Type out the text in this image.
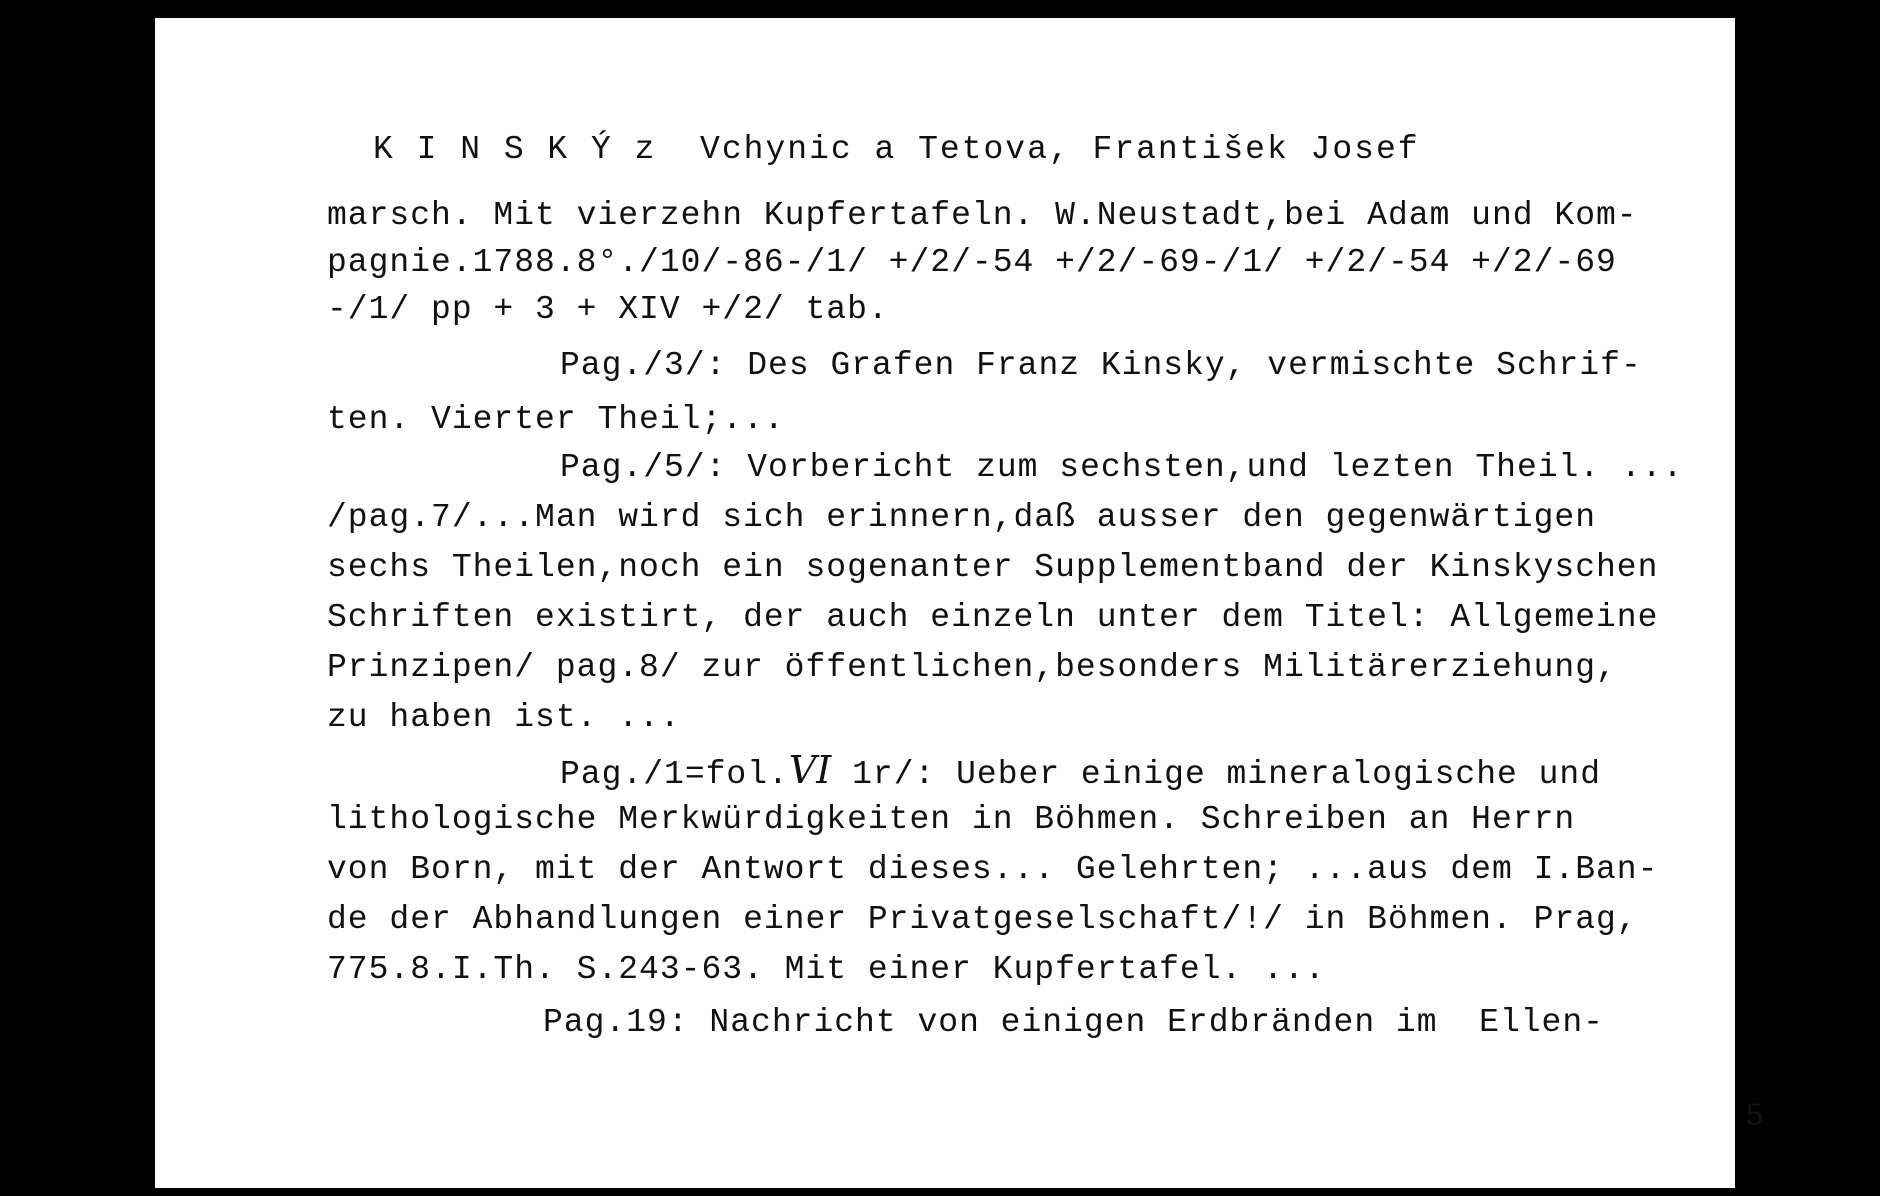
K I N S K Ý z  Vchynic a Tetova, František Josef
marsch. Mit vierzehn Kupfertafeln. W.Neustadt,bei Adam und Kom-
pagnie.1788.8°./10/-86-/1/ +/2/-54 +/2/-69-/1/ +/2/-54 +/2/-69
-/1/ pp + 3 + XIV +/2/ tab.
Pag./3/: Des Grafen Franz Kinsky, vermischte Schrif-
ten. Vierter Theil;...
Pag./5/: Vorbericht zum sechsten,und lezten Theil. ...
/pag.7/...Man wird sich erinnern,daß ausser den gegenwärtigen
sechs Theilen,noch ein sogenanter Supplementband der Kinskyschen
Schriften existirt, der auch einzeln unter dem Titel: Allgemeine
Prinzipen/ pag.8/ zur öffentlichen,besonders Militärerziehung,
zu haben ist. ...
Pag./1=fol.VI 1r/: Ueber einige mineralogische und
lithologische Merkwürdigkeiten in Böhmen. Schreiben an Herrn
von Born, mit der Antwort dieses... Gelehrten; ...aus dem I.Ban-
de der Abhandlungen einer Privatgeselschaft/!/ in Böhmen. Prag,
775.8.I.Th. S.243-63. Mit einer Kupfertafel. ...
Pag.19: Nachricht von einigen Erdbränden im  Ellen-
5
